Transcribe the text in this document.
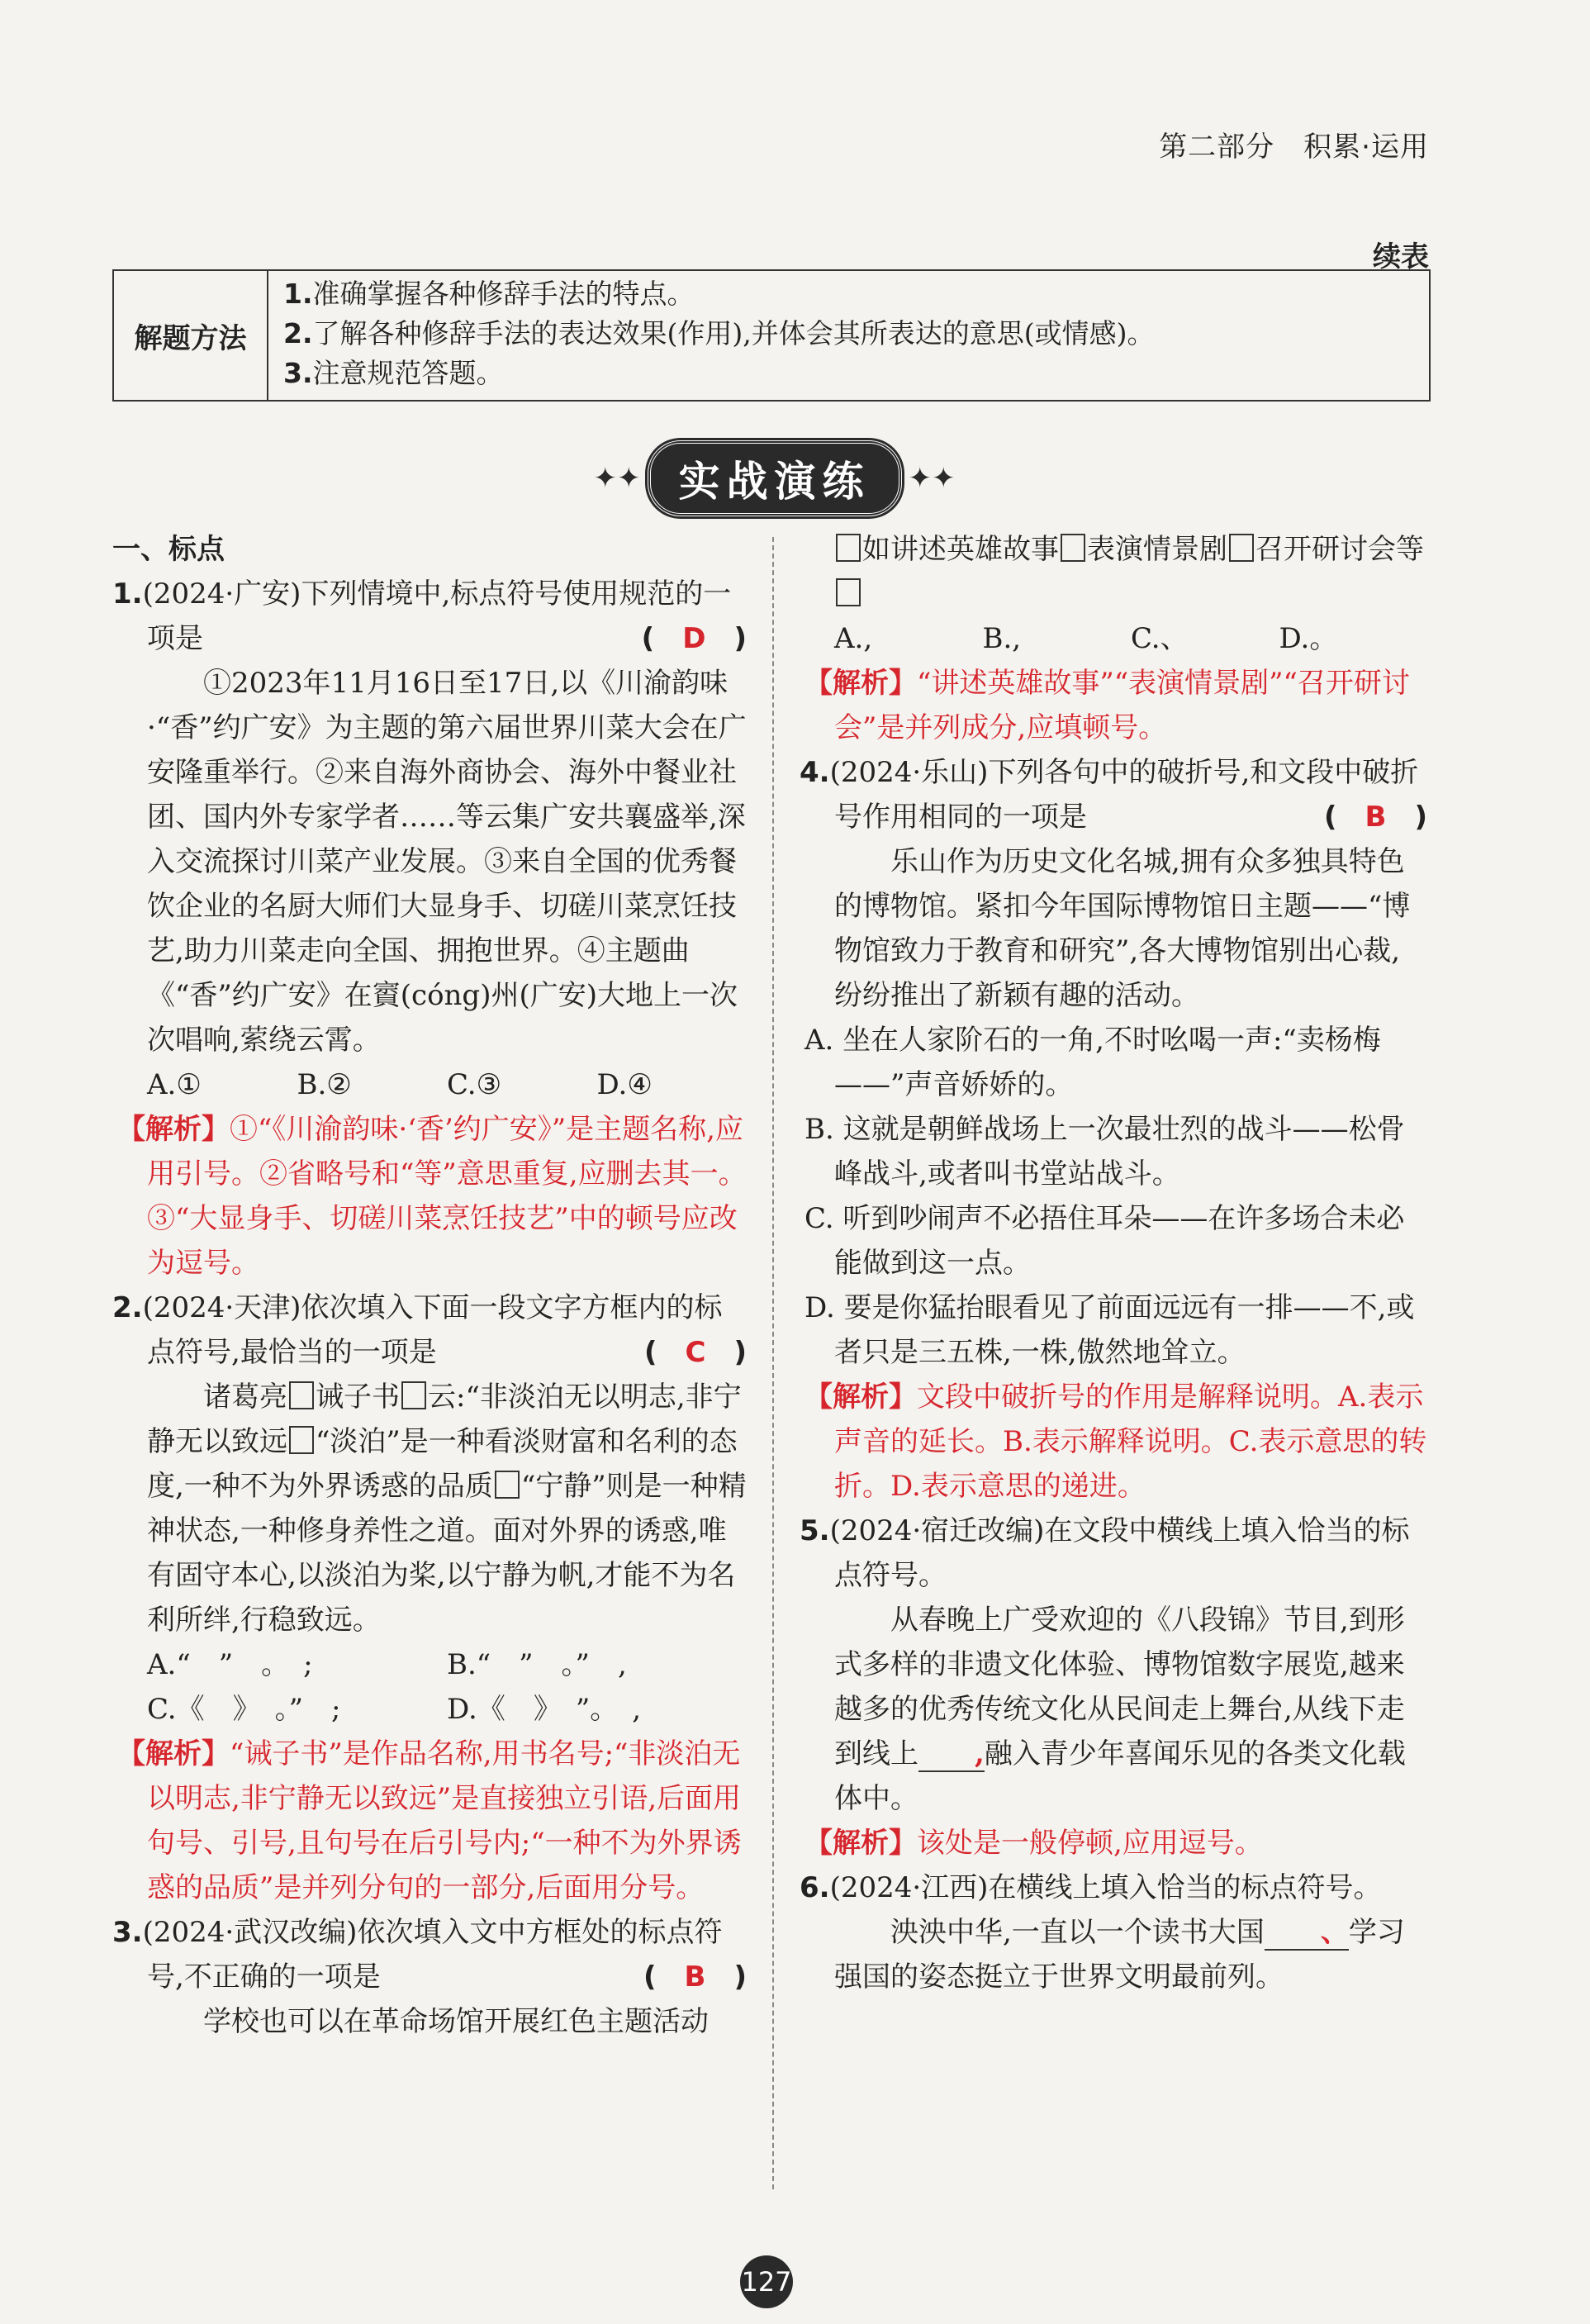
第二部分　积累·运用
续表
解题方法

1.准确掌握各种修辞手法的特点。

2.了解各种修辞手法的表达效果(作用),并体会其所表达的意思(或情感)。

3.注意规范答题。

✦✦ 实战演练	✦✦

一、标点

1.(2024·广安)下列情境中,标点符号使用规范的一项是	(　D　)

①2023年11月16日至17日,以《川渝韵味·“香”约广安》为主题的第六届世界川菜大会在广安隆重举行。②来自海外商协会、海外中餐业社团、国内外专家学者……等云集广安共襄盛举,深入交流探讨川菜产业发展。③来自全国的优秀餐饮企业的名厨大师们大显身手、切磋川菜烹饪技艺,助力川菜走向全国、拥抱世界。④主题曲《“香”约广安》在賨(cóng)州(广安)大地上一次次唱响,萦绕云霄。

A.①	B.②	C.③	D.④

【解析】①“《川渝韵味·‘香’约广安》”是主题名称,应用引号。②省略号和“等”意思重复,应删去其一。③“大显身手、切磋川菜烹饪技艺”中的顿号应改为逗号。

2.(2024·天津)依次填入下面一段文字方框内的标点符号,最恰当的一项是	(　C　)

诸葛亮 诫子书 云:“非淡泊无以明志,非宁静无以致远 “淡泊”是一种看淡财富和名利的态度,一种不为外界诱惑的品质 “宁静”则是一种精神状态,一种修身养性之道。面对外界的诱惑,唯有固守本心,以淡泊为桨,以宁静为帆,才能不为名利所绊,行稳致远。

A.“　”　。　;	B.“　”　。”　,
C.《　》　。”　;	D.《　》　”。　,

【解析】“诫子书”是作品名称,用书名号;“非淡泊无以明志,非宁静无以致远”是直接独立引语,后面用句号、引号,且句号在后引号内;“一种不为外界诱惑的品质”是并列分句的一部分,后面用分号。

3.(2024·武汉改编)依次填入文中方框处的标点符号,不正确的一项是	(　B　)

学校也可以在革命场馆开展红色主题活动

如讲述英雄故事 表演情景剧 召开研讨会等

A.,	B.,	C.、	D.。

【解析】“讲述英雄故事”“表演情景剧”“召开研讨会”是并列成分,应填顿号。

4.(2024·乐山)下列各句中的破折号,和文段中破折号作用相同的一项是	(　B　)

乐山作为历史文化名城,拥有众多独具特色的博物馆。紧扣今年国际博物馆日主题——“博物馆致力于教育和研究”,各大博物馆别出心裁,纷纷推出了新颖有趣的活动。

A. 坐在人家阶石的一角,不时吆喝一声:“卖杨梅——”声音娇娇的。

B. 这就是朝鲜战场上一次最壮烈的战斗——松骨峰战斗,或者叫书堂站战斗。

C. 听到吵闹声不必捂住耳朵——在许多场合未必能做到这一点。

D. 要是你猛抬眼看见了前面远远有一排——不,或者只是三五株,一株,傲然地耸立。

【解析】文段中破折号的作用是解释说明。A.表示声音的延长。B.表示解释说明。C.表示意思的转折。D.表示意思的递进。

5.(2024·宿迁改编)在文段中横线上填入恰当的标点符号。

从春晚上广受欢迎的《八段锦》节目,到形式多样的非遗文化体验、博物馆数字展览,越来越多的优秀传统文化从民间走上舞台,从线下走到线上 ,融入青少年喜闻乐见的各类文化载体中。

【解析】该处是一般停顿,应用逗号。

6.(2024·江西)在横线上填入恰当的标点符号。

泱泱中华,一直以一个读书大国 、学习强国的姿态挺立于世界文明最前列。

127
